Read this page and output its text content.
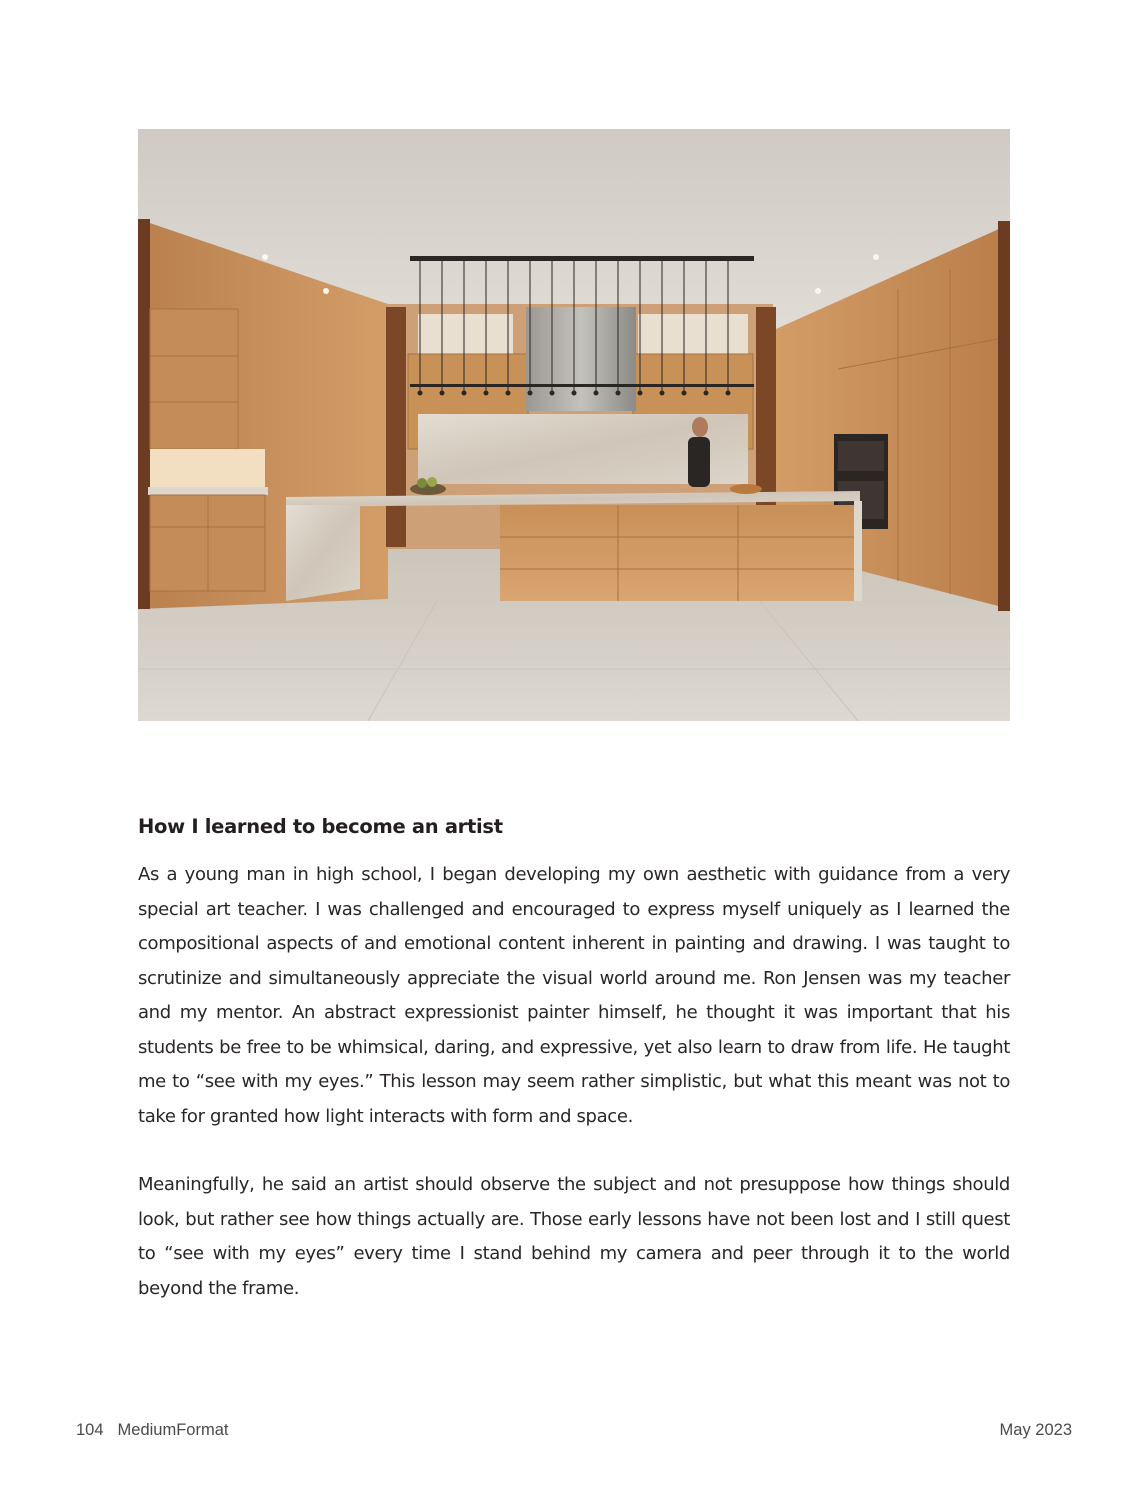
How I learned to become an artist

As a young man in high school, I began developing my own aesthetic with guidance from a very special art teacher. I was challenged and encouraged to express myself uniquely as I learned the compositional aspects of and emotional content inherent in painting and drawing. I was taught to scrutinize and simultaneously appreciate the visual world around me. Ron Jensen was my teacher and my mentor. An abstract expressionist painter himself, he thought it was important that his students be free to be whimsical, daring, and expressive, yet also learn to draw from life. He taught me to “see with my eyes.” This lesson may seem rather simplistic, but what this meant was not to take for granted how light interacts with form and space.

Meaningfully, he said an artist should observe the subject and not presuppose how things should look, but rather see how things actually are. Those early lessons have not been lost and I still quest to “see with my eyes” every time I stand behind my camera and peer through it to the world beyond the frame.

104 MediumFormat	May 2023
